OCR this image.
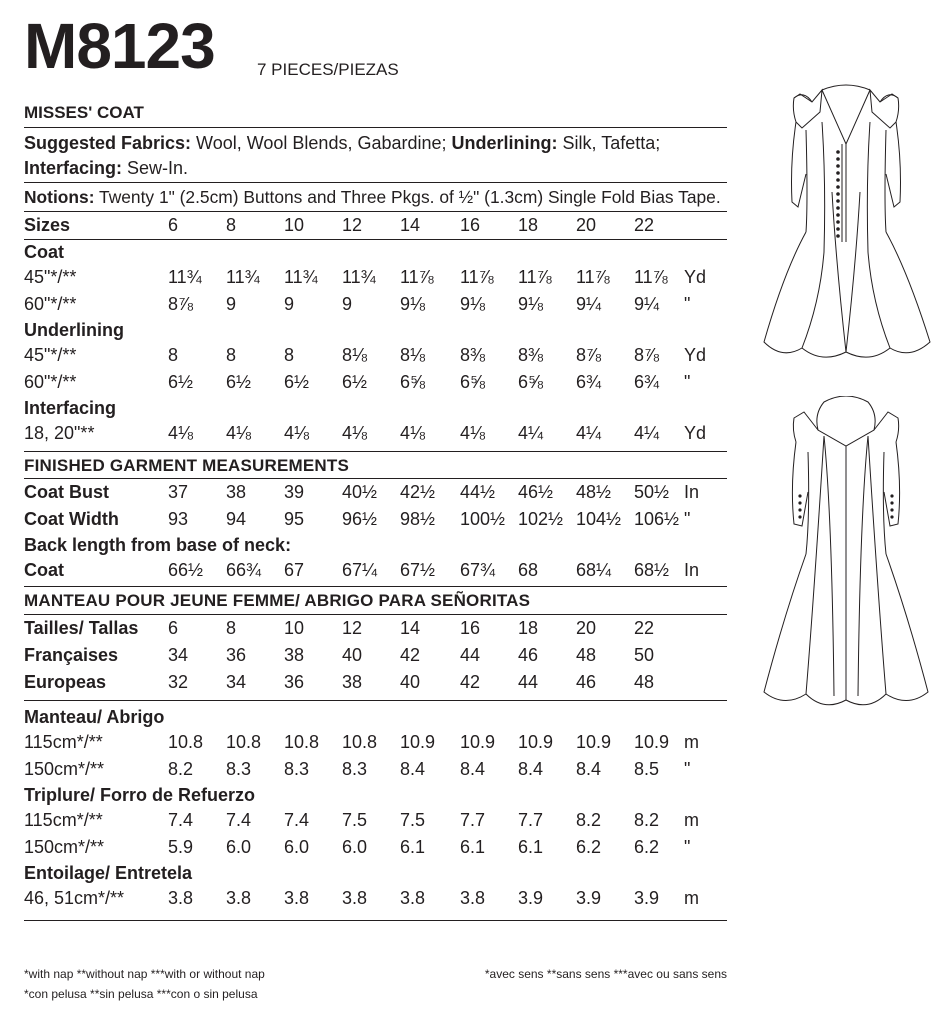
M8123 7 PIECES/PIEZAS
MISSES' COAT
Suggested Fabrics: Wool, Wool Blends, Gabardine; Underlining: Silk, Tafetta;
Interfacing: Sew-In.
Notions: Twenty 1" (2.5cm) Buttons and Three Pkgs. of ½" (1.3cm) Single Fold Bias Tape.
Sizes	6	8	10 12 14 16 18 20 22
Coat
45"*/**	11¾ 11¾ 11¾ 11¾ 11⅞ 11⅞ 11⅞ 11⅞ 11⅞ Yd
60"*/**	8⅞ 9	9	9	9⅛ 9⅛ 9⅛ 9¼ 9¼ "
Underlining
45"*/**	8	8	8	8⅛ 8⅛ 8⅜ 8⅜ 8⅞ 8⅞ Yd
60"*/**	6½ 6½ 6½ 6½ 6⅝ 6⅝ 6⅝ 6¾ 6¾ "
Interfacing
18, 20"**	4⅛ 4⅛ 4⅛ 4⅛ 4⅛ 4⅛ 4¼ 4¼ 4¼ Yd
FINISHED GARMENT MEASUREMENTS
Coat Bust	37 38 39 40½ 42½ 44½ 46½ 48½ 50½ In
Coat Width	93 94 95 96½ 98½ 100½ 102½ 104½ 106½ "
Back length from base of neck:
Coat	66½ 66¾ 67 67¼ 67½ 67¾ 68 68¼ 68½ In
MANTEAU POUR JEUNE FEMME/ ABRIGO PARA SEÑORITAS
Tailles/ Tallas 6	8	10 12 14 16 18 20 22
Françaises	34 36 38 40 42 44 46 48 50
Europeas	32 34 36 38 40 42 44 46 48
Manteau/ Abrigo
115cm*/**	10.8 10.8 10.8 10.8 10.9 10.9 10.9 10.9 10.9 m
150cm*/**	8.2 8.3 8.3 8.3 8.4 8.4 8.4 8.4 8.5 "
Triplure/ Forro de Refuerzo
115cm*/**	7.4 7.4 7.4 7.5 7.5 7.7 7.7 8.2 8.2 m
150cm*/**	5.9 6.0 6.0 6.0 6.1 6.1 6.1 6.2 6.2 "
Entoilage/ Entretela
46, 51cm*/** 3.8 3.8 3.8 3.8 3.8 3.8 3.9 3.9 3.9 m
*with nap **without nap ***with or without nap
*con pelusa **sin pelusa ***con o sin pelusa
*avec sens **sans sens ***avec ou sans sens
